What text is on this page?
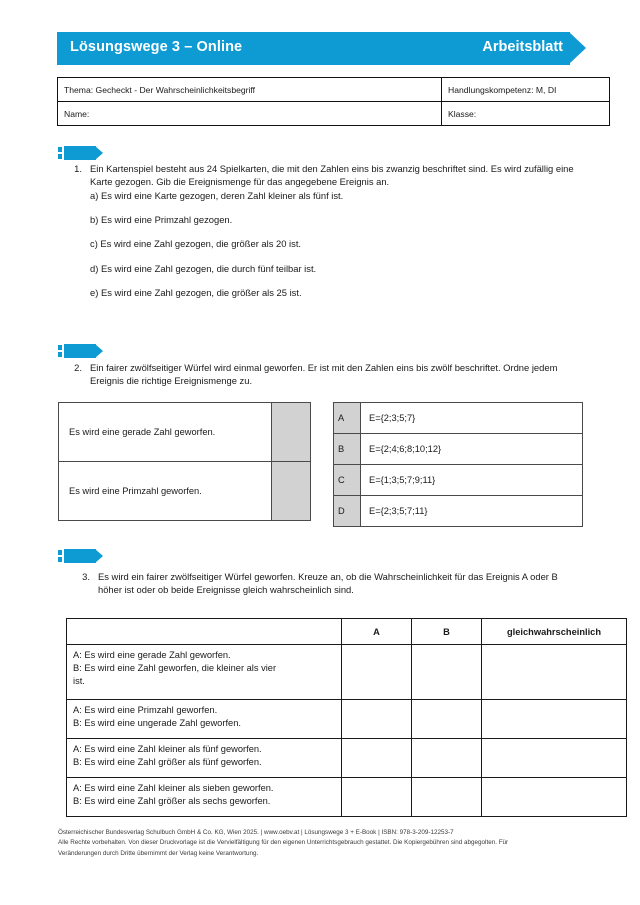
Lösungswege 3 – Online	Arbeitsblatt
Thema: Gecheckt - Der Wahrscheinlichkeitsbegriff	Handlungskompetenz: M, DI
Name:	Klasse:
1. Ein Kartenspiel besteht aus 24 Spielkarten, die mit den Zahlen eins bis zwanzig beschriftet sind. Es wird zufällig eine Karte gezogen. Gib die Ereignismenge für das angegebene Ereignis an.

a) Es wird eine Karte gezogen, deren Zahl kleiner als fünf ist.

b) Es wird eine Primzahl gezogen.

c) Es wird eine Zahl gezogen, die größer als 20 ist.

d) Es wird eine Zahl gezogen, die durch fünf teilbar ist.

e) Es wird eine Zahl gezogen, die größer als 25 ist.

2. Ein fairer zwölfseitiger Würfel wird einmal geworfen. Er ist mit den Zahlen eins bis zwölf beschriftet. Ordne jedem Ereignis die richtige Ereignismenge zu.

Es wird eine gerade Zahl geworfen.	
Es wird eine Primzahl geworfen.	
A	E={2;3;5;7}
B	E={2;4;6;8;10;12}
C	E={1;3;5;7;9;11}
D	E={2;3;5;7;11}
3. Es wird ein fairer zwölfseitiger Würfel geworfen. Kreuze an, ob die Wahrscheinlichkeit für das Ereignis A oder B höher ist oder ob beide Ereignisse gleich wahrscheinlich sind.

	A	B	gleichwahrscheinlich

A: Es wird eine gerade Zahl geworfen.
B: Es wird eine Zahl geworfen, die kleiner als vier
ist.			

A: Es wird eine Primzahl geworfen.
B: Es wird eine ungerade Zahl geworfen.			

A: Es wird eine Zahl kleiner als fünf geworfen.
B: Es wird eine Zahl größer als fünf geworfen.			

A: Es wird eine Zahl kleiner als sieben geworfen.
B: Es wird eine Zahl größer als sechs geworfen.			

Österreichischer Bundesverlag Schulbuch GmbH & Co. KG, Wien 2025. | www.oebv.at | Lösungswege 3 + E-Book | ISBN: 978-3-209-12253-7

Alle Rechte vorbehalten. Von dieser Druckvorlage ist die Vervielfältigung für den eigenen Unterrichtsgebrauch gestattet. Die Kopiergebühren sind abgegolten. Für

Veränderungen durch Dritte übernimmt der Verlag keine Verantwortung.
